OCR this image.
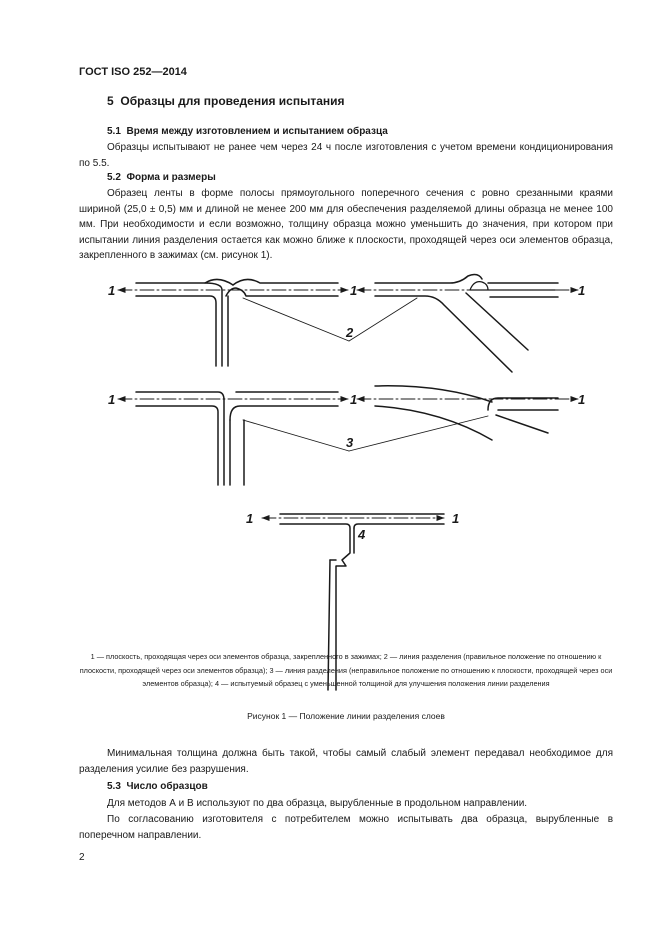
ГОСТ ISO 252—2014
5 Образцы для проведения испытания
5.1 Время между изготовлением и испытанием образца

Образцы испытывают не ранее чем через 24 ч после изготовления с учетом времени кондиционирования по 5.5.

5.2 Форма и размеры

Образец ленты в форме полосы прямоугольного поперечного сечения с ровно срезанными краями шириной (25,0 ± 0,5) мм и длиной не менее 200 мм для обеспечения разделяемой длины образца не менее 100 мм. При необходимости и если возможно, толщину образца можно уменьшить до значения, при котором при испытании линия разделения остается как можно ближе к плоскости, проходящей через оси элементов образца, закрепленного в зажимах (см. рисунок 1).

1	1	1
2
1	1	1
3
1	1
4

1 — плоскость, проходящая через оси элементов образца, закрепленного в зажимах; 2 — линия разделения (правильное положение по отношению к плоскости, проходящей через оси элементов образца); 3 — линия разделения (неправильное положение по отношению к плоскости, проходящей через оси элементов образца); 4 — испытуемый образец с уменьшенной толщиной для улучшения положения линии разделения

Рисунок 1 — Положение линии разделения слоев

Минимальная толщина должна быть такой, чтобы самый слабый элемент передавал необходимое для разделения усилие без разрушения.

5.3 Число образцов

Для методов А и В используют по два образца, вырубленные в продольном направлении.

По согласованию изготовителя с потребителем можно испытывать два образца, вырубленные в поперечном направлении.

2
